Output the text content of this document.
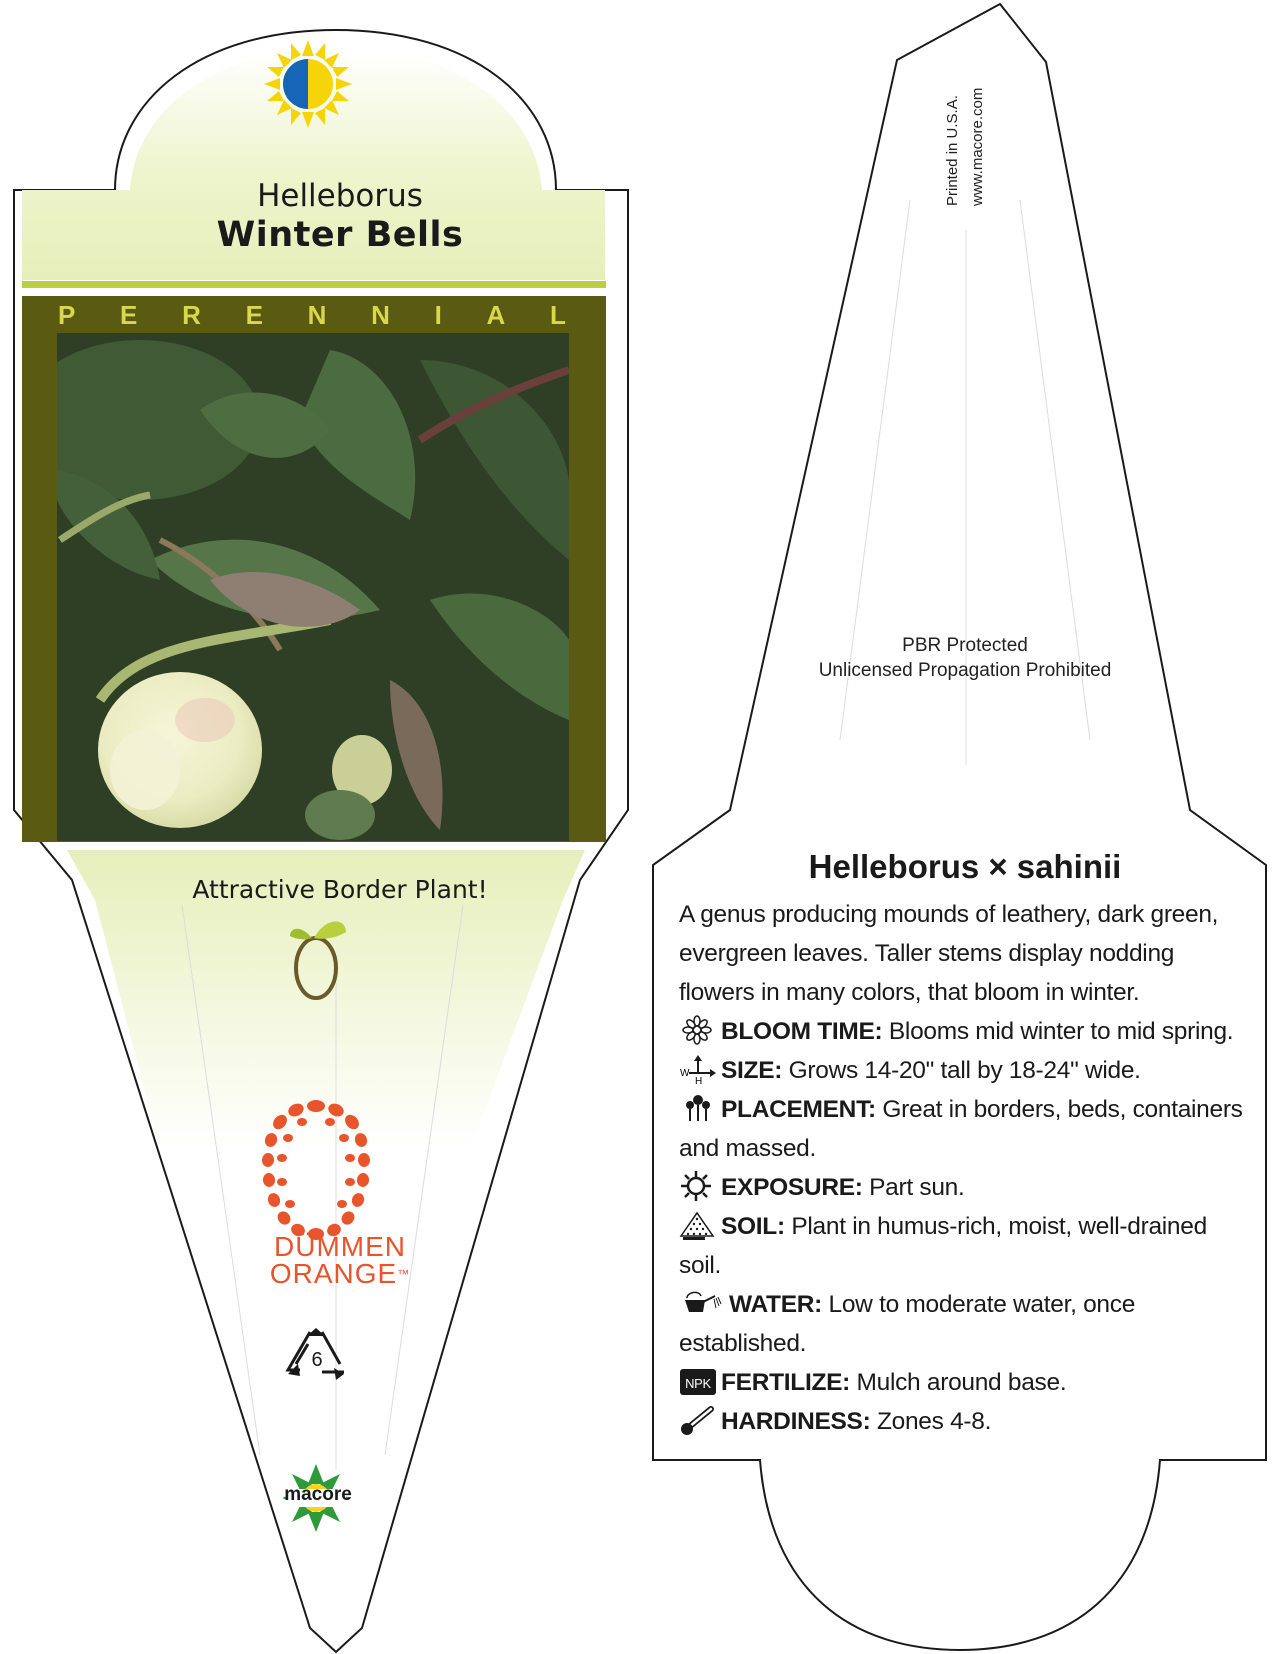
Helleborus
Winter Bells
P E R E N N I A L
Attractive Border Plant!
DÜMMEN
ORANGE™
6
macore
Printed in U.S.A. www.macore.com
PBR Protected
Unlicensed Propagation Prohibited
Helleborus × sahinii
A genus producing mounds of leathery, dark green, evergreen leaves. Taller stems display nodding flowers in many colors, that bloom in winter.
BLOOM TIME: Blooms mid winter to mid spring.
W
H SIZE: Grows 14-20" tall by 18-24" wide.
PLACEMENT: Great in borders, beds, containers and massed.
EXPOSURE: Part sun.
SOIL: Plant in humus-rich, moist, well-drained soil.
WATER: Low to moderate water, once established.
NPK FERTILIZE: Mulch around base.
HARDINESS: Zones 4-8.
